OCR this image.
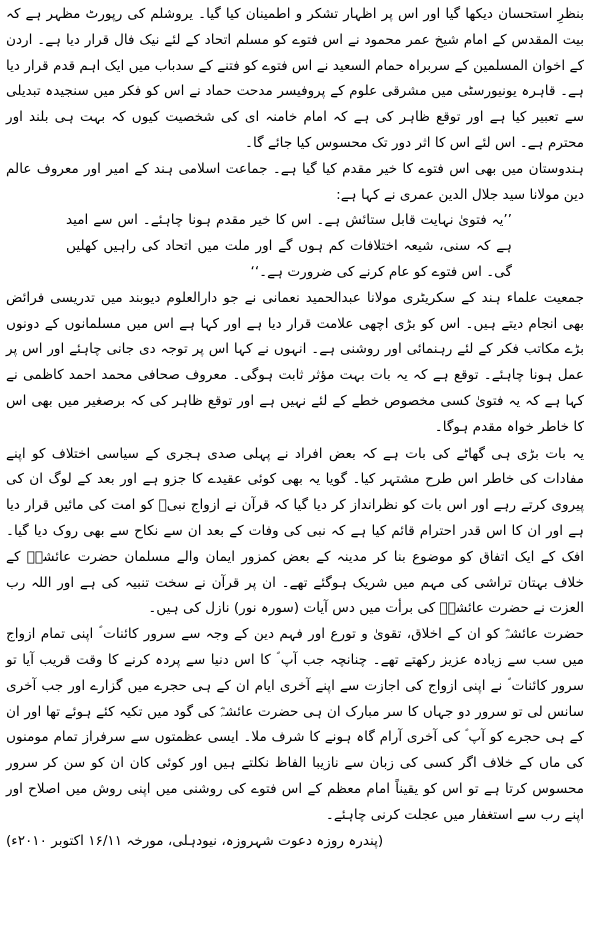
بنظرِ استحسان دیکھا گیا اور اس پر اظہار تشکر و اطمینان کیا گیا۔ یروشلم کی رپورٹ مظہر ہے کہ بیت المقدس کے امام شیخ عمر محمود نے اس فتوے کو مسلم اتحاد کے لئے نیک فال قرار دیا ہے۔ اردن کے اخوان المسلمین کے سربراہ حمام السعید نے اس فتوے کو فتنے کے سدباب میں ایک اہم قدم قرار دیا ہے۔ قاہرہ یونیورسٹی میں مشرقی علوم کے پروفیسر مدحت حماد نے اس کو فکر میں سنجیدہ تبدیلی سے تعبیر کیا ہے اور توقع ظاہر کی ہے کہ امام خامنہ ای کی شخصیت کیوں کہ بہت ہی بلند اور محترم ہے۔ اس لئے اس کا اثر دور تک محسوس کیا جائے گا۔

ہندوستان میں بھی اس فتوے کا خیر مقدم کیا گیا ہے۔ جماعت اسلامی ہند کے امیر اور معروف عالم دین مولانا سید جلال الدین عمری نے کہا ہے:

’’یہ فتویٰ نہایت قابل ستائش ہے۔ اس کا خیر مقدم ہونا چاہئے۔ اس سے امید ہے کہ سنی، شیعہ اختلافات کم ہوں گے اور ملت میں اتحاد کی راہیں کھلیں گی۔ اس فتوے کو عام کرنے کی ضرورت ہے۔‘‘

جمعیت علماء ہند کے سکریٹری مولانا عبدالحمید نعمانی نے جو دارالعلوم دیوبند میں تدریسی فرائض بھی انجام دیتے ہیں۔ اس کو بڑی اچھی علامت قرار دیا ہے اور کہا ہے اس میں مسلمانوں کے دونوں بڑے مکاتب فکر کے لئے رہنمائی اور روشنی ہے۔ انہوں نے کہا اس پر توجہ دی جانی چاہئے اور اس پر عمل ہونا چاہئے۔ توقع ہے کہ یہ بات بہت مؤثر ثابت ہوگی۔ معروف صحافی محمد احمد کاظمی نے کہا ہے کہ یہ فتویٰ کسی مخصوص خطے کے لئے نہیں ہے اور توقع ظاہر کی کہ برصغیر میں بھی اس کا خاطر خواہ مقدم ہوگا۔

یہ بات بڑی ہی گھاٹے کی بات ہے کہ بعض افراد نے پہلی صدی ہجری کے سیاسی اختلاف کو اپنے مفادات کی خاطر اس طرح مشتہر کیا۔ گویا یہ بھی کوئی عقیدے کا جزو ہے اور بعد کے لوگ ان کی پیروی کرتے رہے اور اس بات کو نظرانداز کر دیا گیا کہ قرآن نے ازواج نبیؐ کو امت کی مائیں قرار دیا ہے اور ان کا اس قدر احترام قائم کیا ہے کہ نبی کی وفات کے بعد ان سے نکاح سے بھی روک دیا گیا۔ افک کے ایک اتفاق کو موضوع بنا کر مدینہ کے بعض کمزور ایمان والے مسلمان حضرت عائشہؓ کے خلاف بہتان تراشی کی مہم میں شریک ہوگئے تھے۔ ان پر قرآن نے سخت تنبیہ کی ہے اور اللہ رب العزت نے حضرت عائشہؓ کی برأت میں دس آیات (سورہ نور) نازل کی ہیں۔

حضرت عائشہؓ کو ان کے اخلاق، تقویٰ و تورع اور فہم دین کے وجہ سے سرور کائنات ؐ اپنی تمام ازواج میں سب سے زیادہ عزیز رکھتے تھے۔ چنانچہ جب آپ ؐ کا اس دنیا سے پردہ کرنے کا وقت قریب آیا تو سرور کائنات ؐ نے اپنی ازواج کی اجازت سے اپنے آخری ایام ان کے ہی حجرے میں گزارے اور جب آخری سانس لی تو سرور دو جہاں کا سر مبارک ان ہی حضرت عائشہؓ کی گود میں تکیہ کئے ہوئے تھا اور ان کے ہی حجرے کو آپ ؐ کی آخری آرام گاہ ہونے کا شرف ملا۔ ایسی عظمتوں سے سرفراز تمام مومنوں کی ماں کے خلاف اگر کسی کی زبان سے نازیبا الفاظ نکلتے ہیں اور کوئی کان ان کو سن کر سرور محسوس کرتا ہے تو اس کو یقیناً امام معظم کے اس فتوے کی روشنی میں اپنی روش میں اصلاح اور اپنے رب سے استغفار میں عجلت کرنی چاہئے۔

(پندرہ روزہ دعوت شہروزہ، نیودہلی، مورخہ ۱۶/۱۱ اکتوبر ۲۰۱۰ء)
